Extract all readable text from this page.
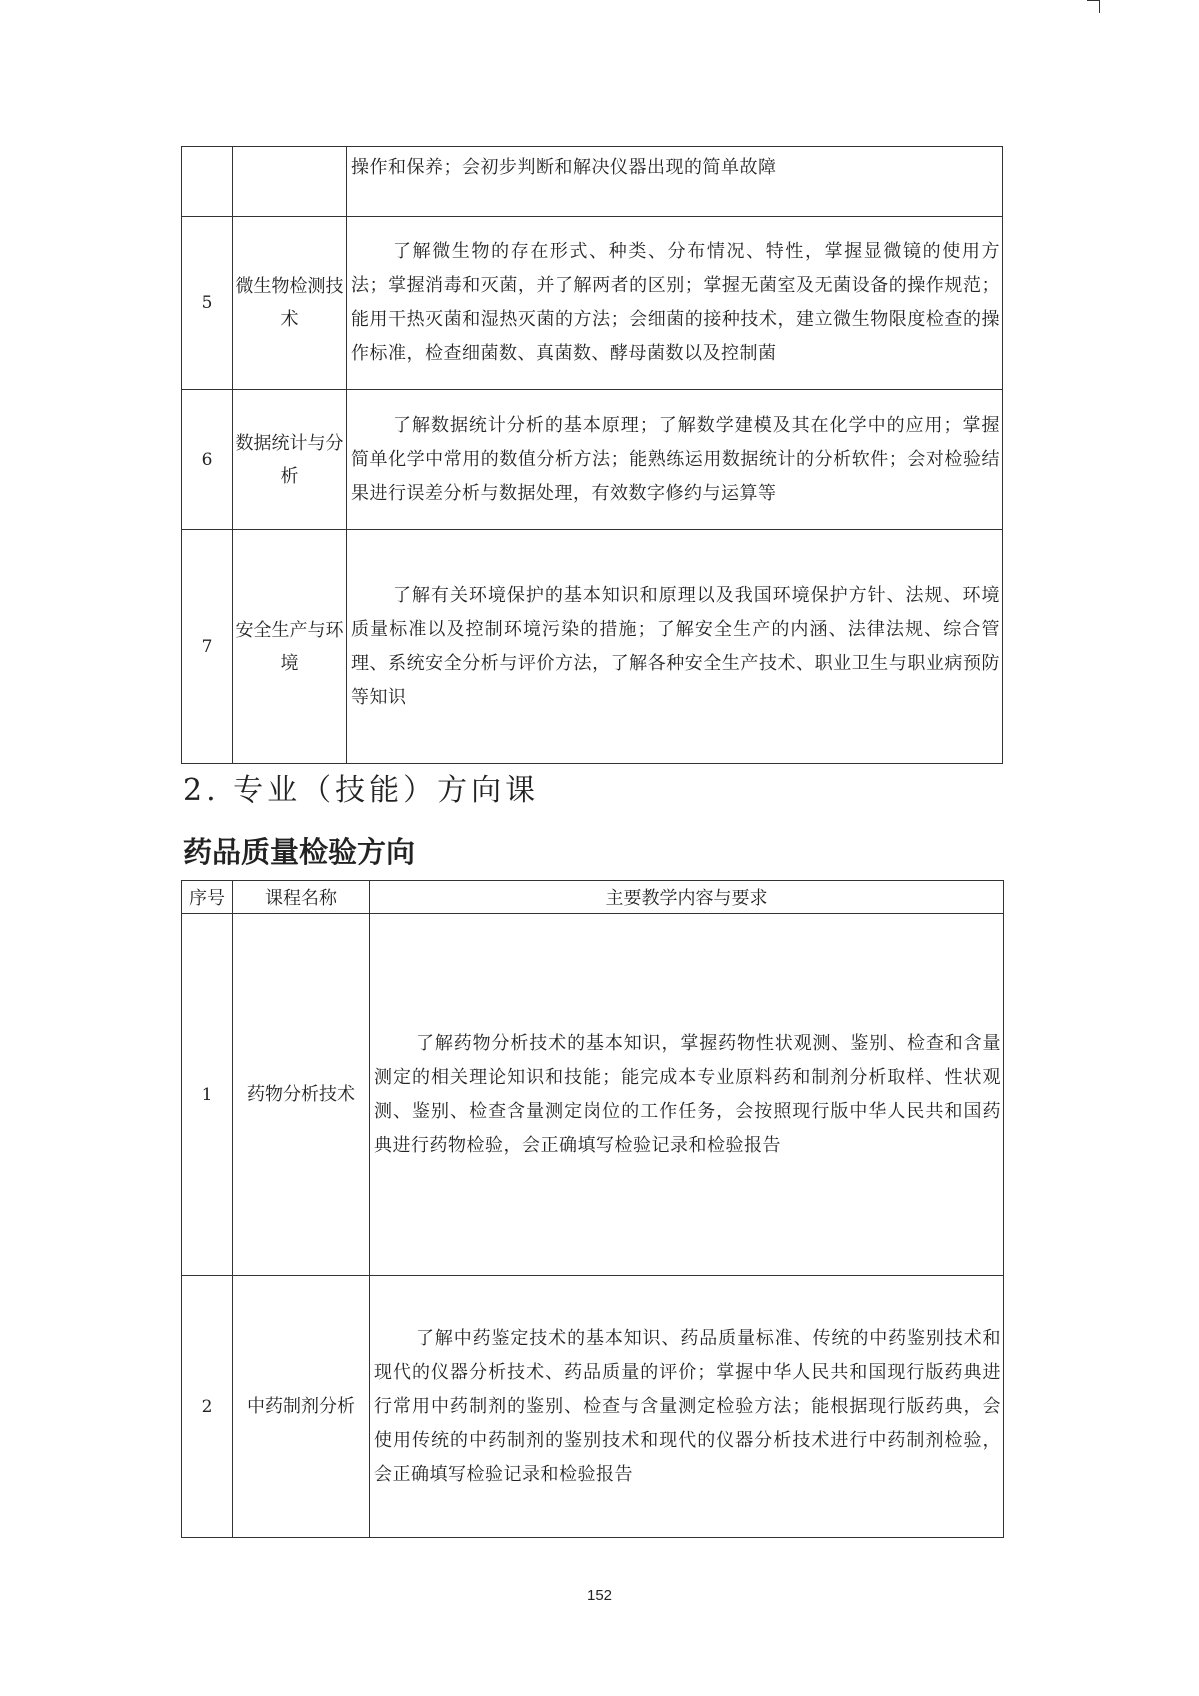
		操作和保养；会初步判断和解决仪器出现的简单故障
5	微生物检测技术	了解微生物的存在形式、种类、分布情况、特性，掌握显微镜的使用方法；掌握消毒和灭菌，并了解两者的区别；掌握无菌室及无菌设备的操作规范；能用干热灭菌和湿热灭菌的方法；会细菌的接种技术，建立微生物限度检查的操作标准，检查细菌数、真菌数、酵母菌数以及控制菌
6	数据统计与分析	了解数据统计分析的基本原理；了解数学建模及其在化学中的应用；掌握简单化学中常用的数值分析方法；能熟练运用数据统计的分析软件；会对检验结果进行误差分析与数据处理，有效数字修约与运算等
7	安全生产与环境	了解有关环境保护的基本知识和原理以及我国环境保护方针、法规、环境质量标准以及控制环境污染的措施；了解安全生产的内涵、法律法规、综合管理、系统安全分析与评价方法，了解各种安全生产技术、职业卫生与职业病预防等知识
2. 专业（技能）方向课
药品质量检验方向
序号	课程名称	主要教学内容与要求
1	药物分析技术	了解药物分析技术的基本知识，掌握药物性状观测、鉴别、检查和含量测定的相关理论知识和技能；能完成本专业原料药和制剂分析取样、性状观测、鉴别、检查含量测定岗位的工作任务，会按照现行版中华人民共和国药典进行药物检验，会正确填写检验记录和检验报告
2	中药制剂分析	了解中药鉴定技术的基本知识、药品质量标准、传统的中药鉴别技术和现代的仪器分析技术、药品质量的评价；掌握中华人民共和国现行版药典进行常用中药制剂的鉴别、检查与含量测定检验方法；能根据现行版药典，会使用传统的中药制剂的鉴别技术和现代的仪器分析技术进行中药制剂检验，会正确填写检验记录和检验报告
152
